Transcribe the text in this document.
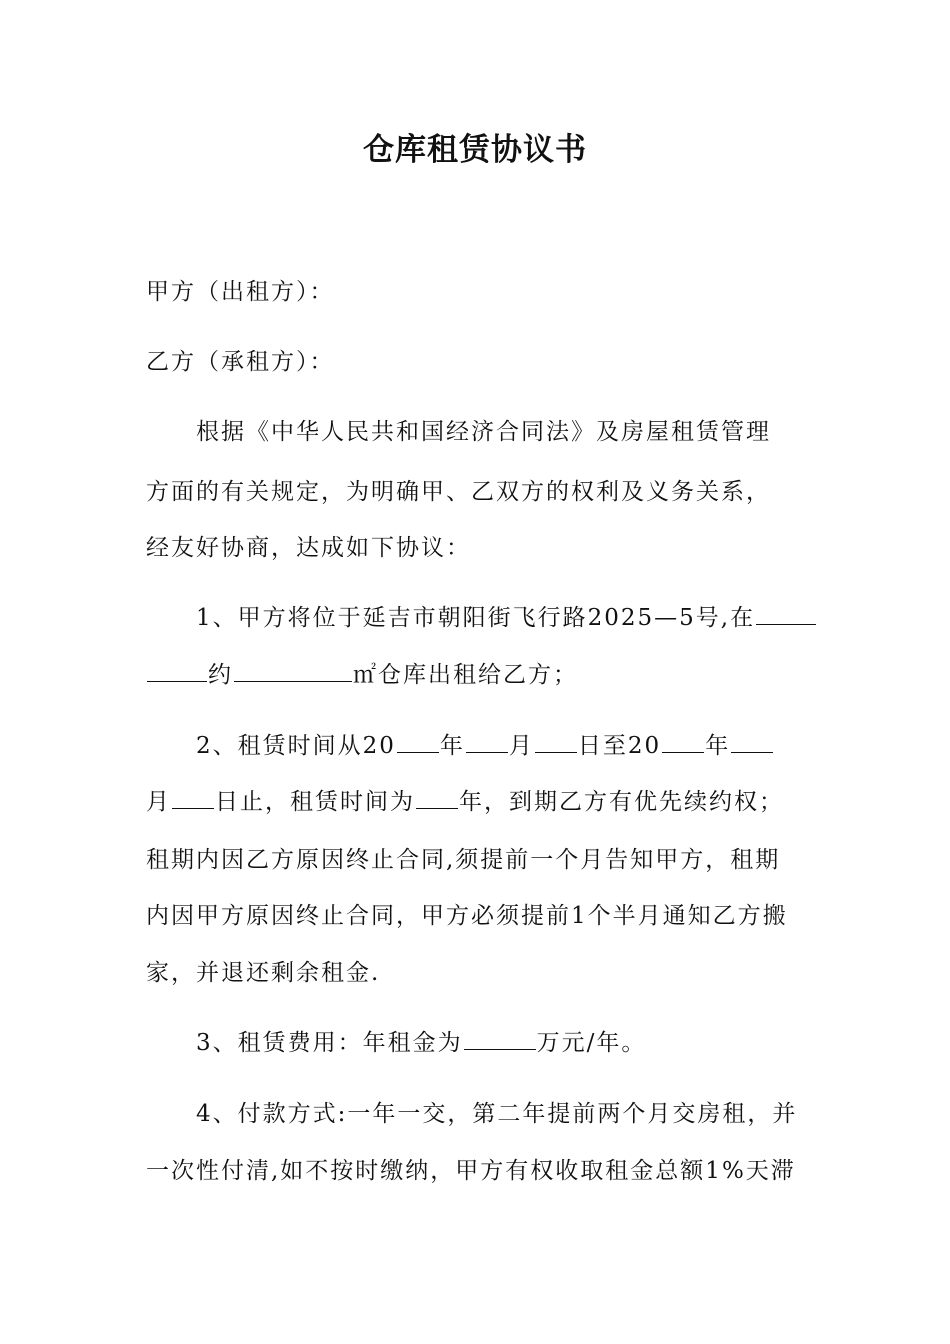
仓库租赁协议书
甲方（出租方）：
乙方（承租方）：
根据《中华人民共和国经济合同法》及房屋租赁管理
方面的有关规定，为明确甲、乙双方的权利及义务关系，
经友好协商，达成如下协议：
1、甲方将位于延吉市朝阳街飞行路2025—5号,在
约	㎡仓库出租给乙方；
2、租赁时间从20 年 月 日至20 年
月 日止，租赁时间为 年，到期乙方有优先续约权；
租期内因乙方原因终止合同,须提前一个月告知甲方，租期
内因甲方原因终止合同，甲方必须提前1个半月通知乙方搬
家，并退还剩余租金.
3、租赁费用：年租金为	万元/年。
4、付款方式:一年一交，第二年提前两个月交房租，并
一次性付清,如不按时缴纳，甲方有权收取租金总额1%天滞
